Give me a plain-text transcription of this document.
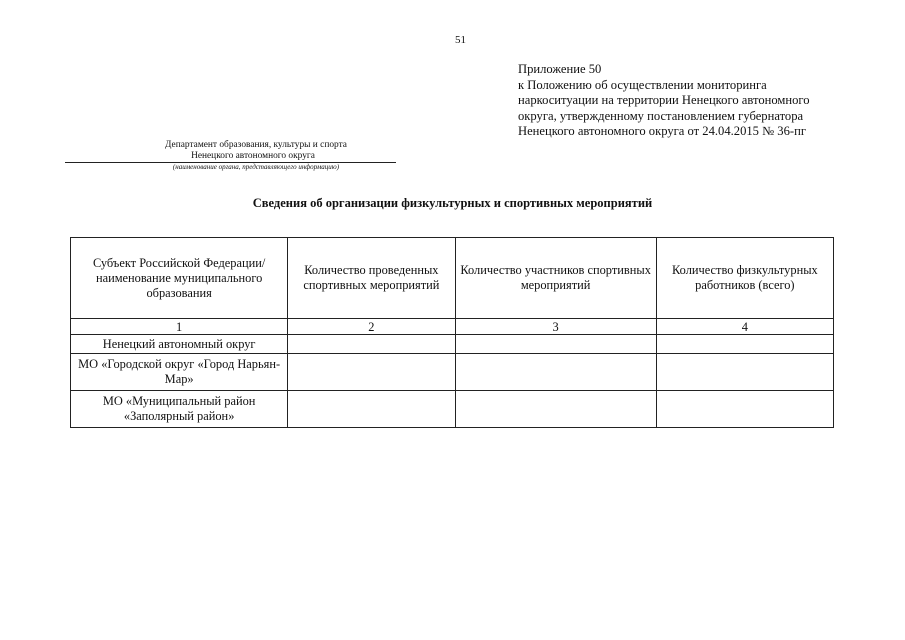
51
Приложение 50
к Положению об осуществлении мониторинга
наркоситуации на территории Ненецкого автономного
округа, утвержденному постановлением губернатора
Ненецкого автономного округа от 24.04.2015 № 36-пг
Департамент образования, культуры и спорта
Ненецкого автономного округа
(наименование органа, представляющего информацию)
Сведения об организации физкультурных и спортивных мероприятий
Субъект Российской Федерации/ наименование муниципального образования	Количество проведенных спортивных мероприятий	Количество участников спортивных мероприятий	Количество физкультурных работников (всего)
1	2	3	4
Ненецкий автономный округ			
МО «Городской округ «Город Нарьян-Мар»			
МО «Муниципальный район «Заполярный район»			
